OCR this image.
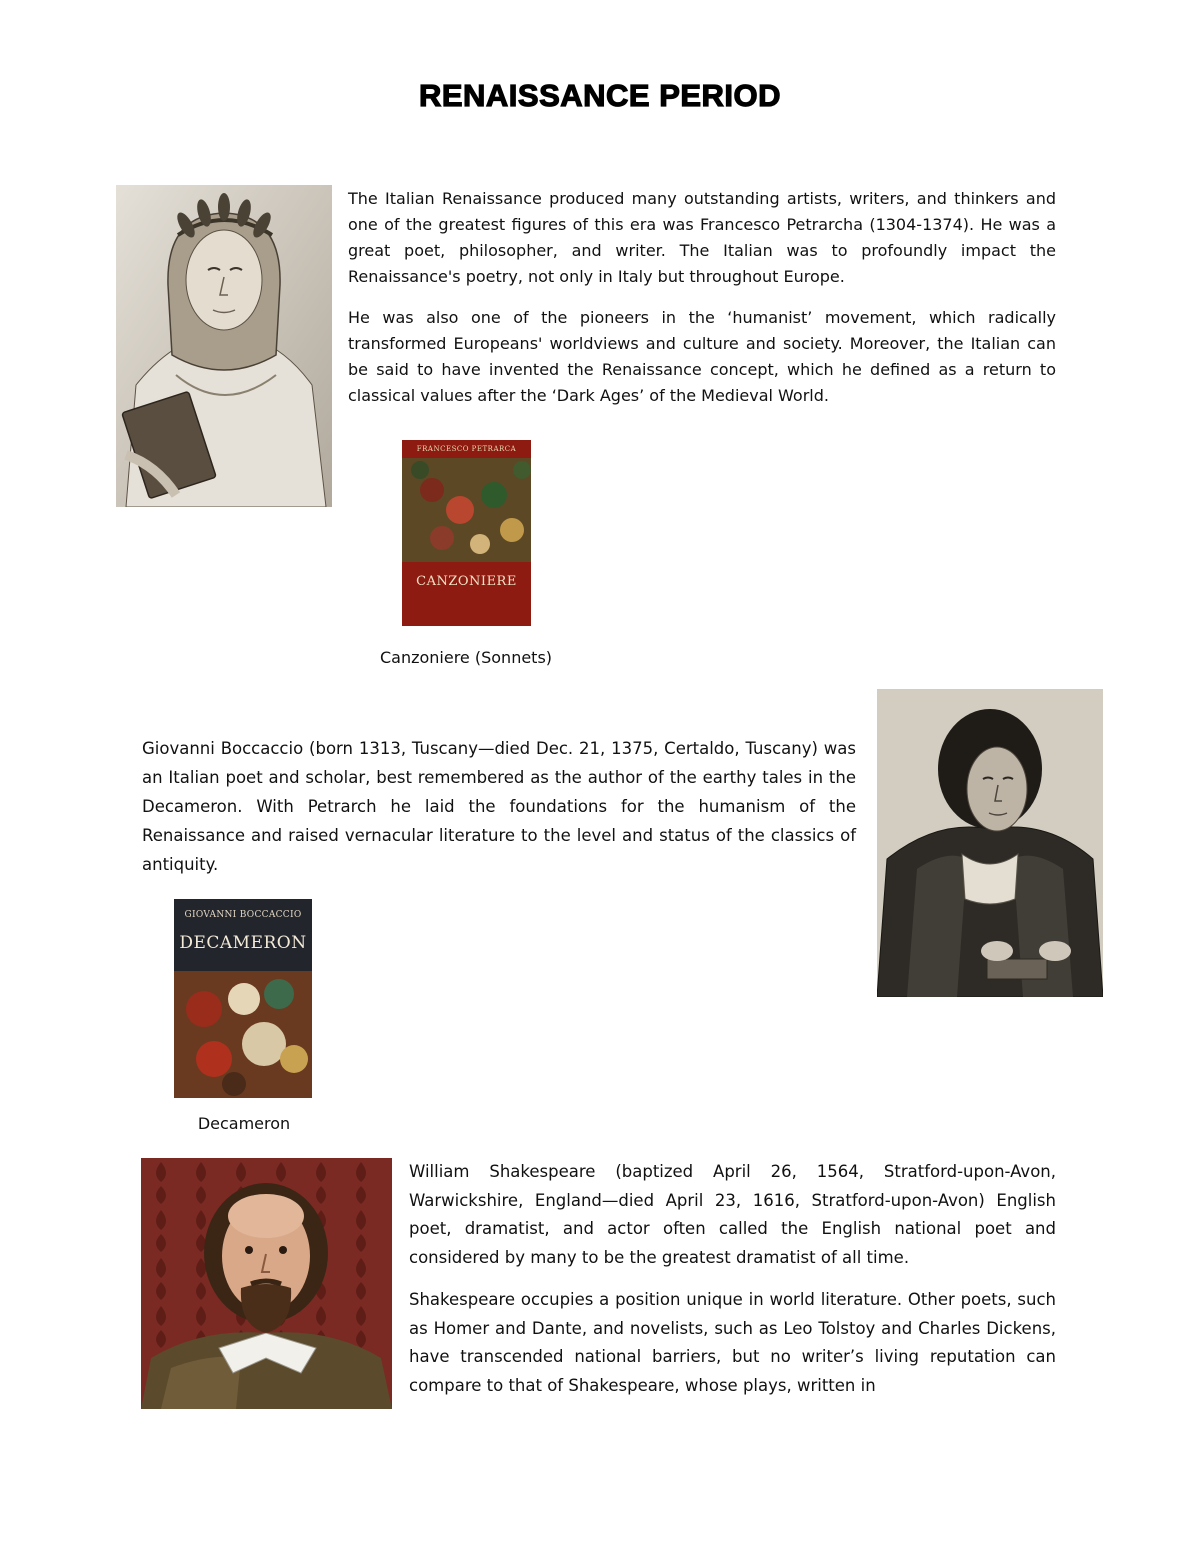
RENAISSANCE PERIOD
The Italian Renaissance produced many outstanding artists, writers, and thinkers and one of the greatest figures of this era was Francesco Petrarcha (1304-1374). He was a great poet, philosopher, and writer. The Italian was to profoundly impact the Renaissance's poetry, not only in Italy but throughout Europe.
He was also one of the pioneers in the ‘humanist’ movement, which radically transformed Europeans' worldviews and culture and society. Moreover, the Italian can be said to have invented the Renaissance concept, which he defined as a return to classical values after the ‘Dark Ages’ of the Medieval World.
FRANCESCO PETRARCA
CANZONIERE

Canzoniere (Sonnets)

Giovanni Boccaccio (born 1313, Tuscany—died Dec. 21, 1375, Certaldo, Tuscany) was an Italian poet and scholar, best remembered as the author of the earthy tales in the Decameron. With Petrarch he laid the foundations for the humanism of the Renaissance and raised vernacular literature to the level and status of the classics of antiquity.
GIOVANNI BOCCACCIO
DECAMERON

Decameron

William Shakespeare (baptized April 26, 1564, Stratford-upon-Avon, Warwickshire, England—died April 23, 1616, Stratford-upon-Avon) English poet, dramatist, and actor often called the English national poet and considered by many to be the greatest dramatist of all time.
Shakespeare occupies a position unique in world literature. Other poets, such as Homer and Dante, and novelists, such as Leo Tolstoy and Charles Dickens, have transcended national barriers, but no writer’s living reputation can compare to that of Shakespeare, whose plays, written in
